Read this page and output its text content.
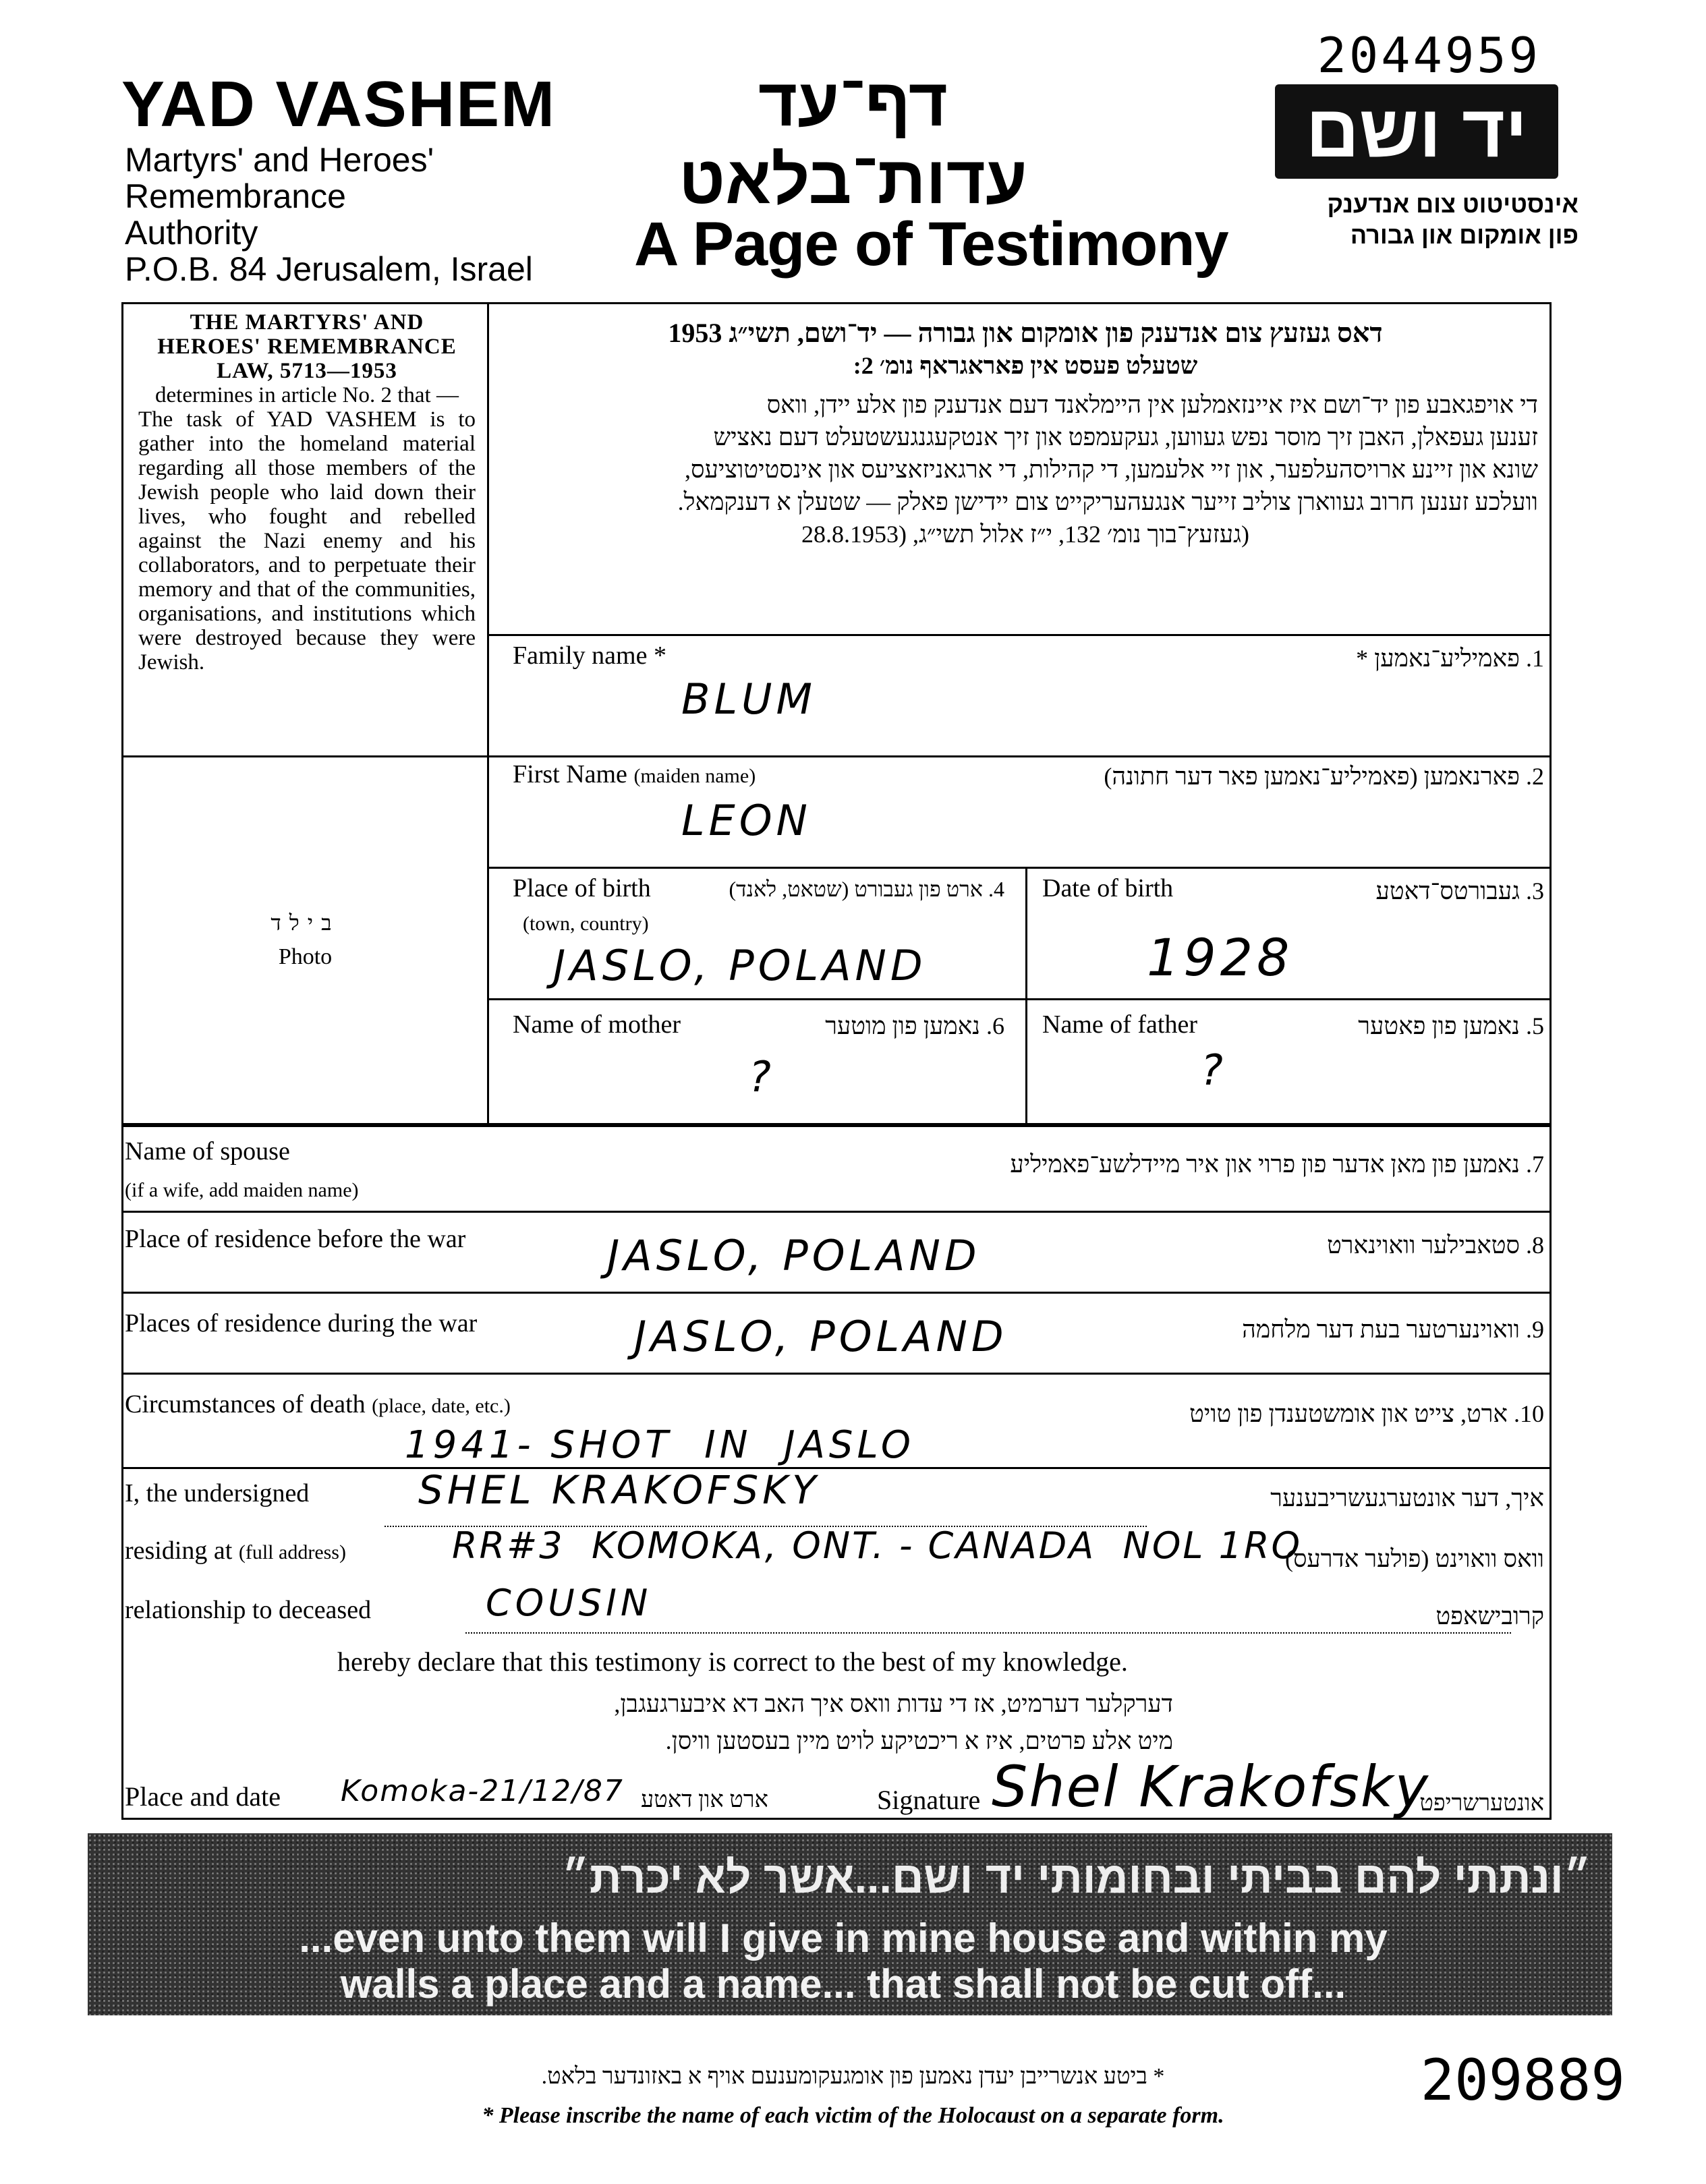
2044959
YAD VASHEM
Martyrs' and Heroes'
Remembrance
Authority
P.O.B. 84 Jerusalem, Israel
דף־עד
עדות־בלאט
A Page of Testimony
יד ושם
אינסטיטוט צום אנדענק
פון אומקום און גבורה
THE MARTYRS' AND HEROES' REMEMBRANCE LAW, 5713—1953
determines in article No. 2 that —
The task of YAD VASHEM is to gather into the homeland material regarding all those members of the Jewish people who laid down their lives, who fought and rebelled against the Nazi enemy and his collaborators, and to perpetuate their memory and that of the communities, organisations, and institutions which were destroyed because they were Jewish.
בילד
Photo

דאס געזעץ צום אנדענק פון אומקום און גבורה — יד־ושם, תשי״ג 1953

שטעלט פעסט אין פאראגראף נומ׳ 2:

די אויפגאבע פון יד־ושם איז איינזאמלען אין היימלאנד דעם אנדענק פון אלע יידן, וואס

זענען געפאלן, האבן זיך מוסר נפש געווען, געקעמפט און זיך אנטקעגנגעשטעלט דעם נאציש

שונא און זיינע ארויסהעלפער, און זיי אלעמען, די קהילות, די ארגאניזאציעס און אינסטיטוציעס,

וועלכע זענען חרוב געווארן צוליב זייער אנגעהעריקייט צום יידישן פאלק — שטעלן א דענקמאל.

(געזעץ־בוך נומ׳ 132, י״ז אלול תשי״ג, (28.8.1953

Family name *	1. פאמיליע־נאמען *
BLUM
First Name (maiden name)	2. פארנאמען (פאמיליע־נאמען פאר דער חתונה)
LEON
Place of birth
(town, country)
4. ארט פון געבורט (שטאט, לאנד)
JASLO, POLAND
Date of birth	3. געבורטס־דאטע
1928
Name of mother	6. נאמען פון מוטער
?
Name of father	5. נאמען פון פאטער
?
Name of spouse
(if a wife, add maiden name)
7. נאמען פון מאן אדער פון פרוי און איר מיידלשע־פאמיליע
Place of residence before the war	8. סטאבילער וואוינארט
JASLO, POLAND
Places of residence during the war	9. וואוינערטער בעת דער מלחמה
JASLO, POLAND
Circumstances of death (place, date, etc.)	10. ארט, צייט און אומשטענדן פון טויט
1941- SHOT  IN  JASLO
I, the undersigned	איך, דער אונטערגעשריבענער
SHEL KRAKOFSKY
residing at (full address)	וואס וואוינט (פולער אדרעס)
RR#3  KOMOKA, ONT. - CANADA  NOL 1RO
relationship to deceased	קרובישאפט
COUSIN
hereby declare that this testimony is correct to the best of my knowledge.
דערקלער דערמיט, אז די עדות וואס איך האב דא איבערגעגבן,
מיט אלע פרטים, איז א ריכטיקע לויט מיין בעסטען וויסן.
Place and date Komoka-21/12/87 ארט און דאטע	Signature Shel Krakofsky
אונטערשריפט
״ונתתי להם בביתי ובחומותי יד ושם...אשר לא יכרת״
...even unto them will I give in mine house and within my
walls a place and a name... that shall not be cut off...
209889
* ביטע אנשרייבן יעדן נאמען פון אומגעקומענעם אויף א באזונדער בלאט.
* Please inscribe the name of each victim of the Holocaust on a separate form.
